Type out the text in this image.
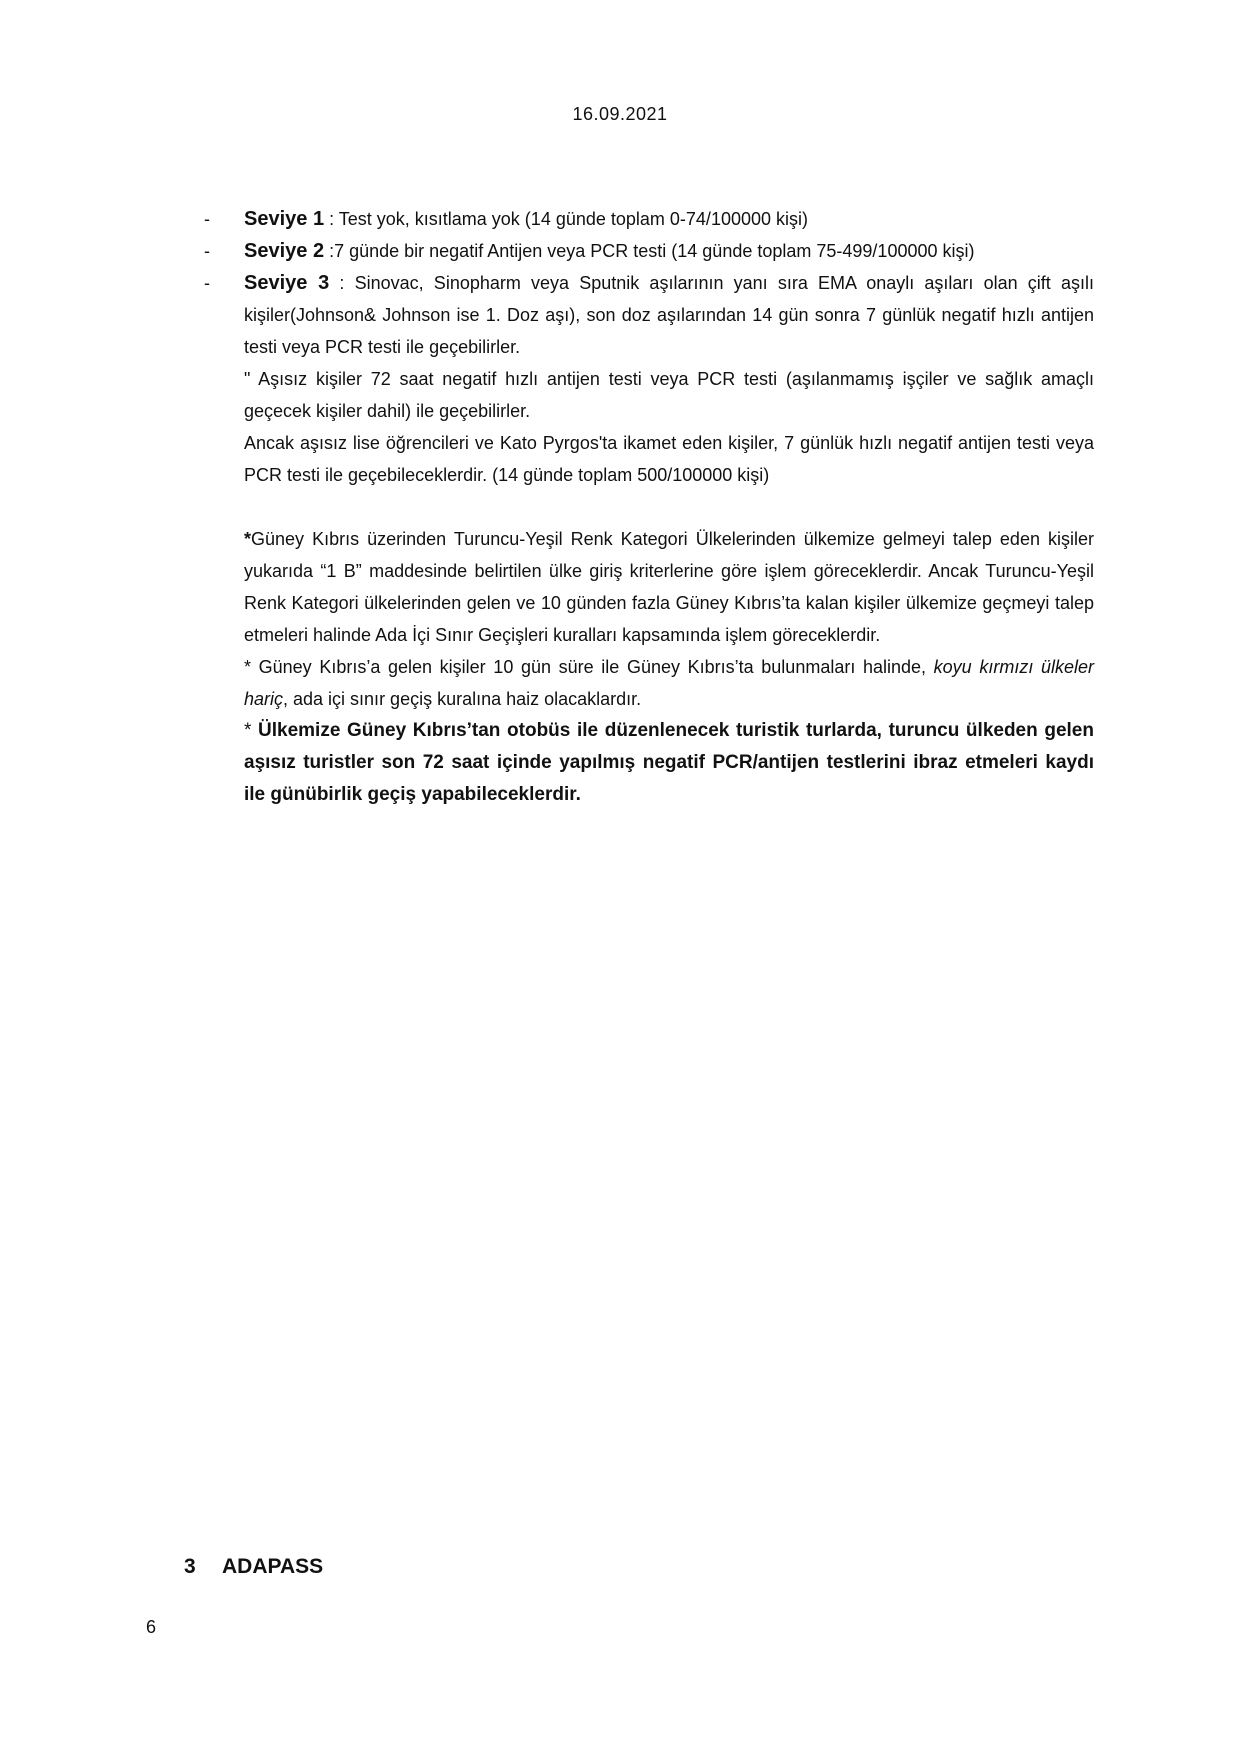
16.09.2021
- Seviye 1 : Test yok, kısıtlama yok (14 günde toplam 0-74/100000 kişi)
- Seviye 2 :7 günde bir negatif Antijen veya PCR testi (14 günde toplam 75-499/100000 kişi)
- Seviye 3 : Sinovac, Sinopharm veya Sputnik aşılarının yanı sıra EMA onaylı aşıları olan çift aşılı kişiler(Johnson& Johnson ise 1. Doz aşı), son doz aşılarından 14 gün sonra 7 günlük negatif hızlı antijen testi veya PCR testi ile geçebilirler.
" Aşısız kişiler 72 saat negatif hızlı antijen testi veya PCR testi (aşılanmamış işçiler ve sağlık amaçlı geçecek kişiler dahil) ile geçebilirler.
Ancak aşısız lise öğrencileri ve Kato Pyrgos'ta ikamet eden kişiler, 7 günlük hızlı negatif antijen testi veya PCR testi ile geçebileceklerdir. (14 günde toplam 500/100000 kişi)
*Güney Kıbrıs üzerinden Turuncu-Yeşil Renk Kategori Ülkelerinden ülkemize gelmeyi talep eden kişiler yukarıda “1 B” maddesinde belirtilen ülke giriş kriterlerine göre işlem göreceklerdir. Ancak Turuncu-Yeşil Renk Kategori ülkelerinden gelen ve 10 günden fazla Güney Kıbrıs’ta kalan kişiler ülkemize geçmeyi talep etmeleri halinde Ada İçi Sınır Geçişleri kuralları kapsamında işlem göreceklerdir.
* Güney Kıbrıs’a gelen kişiler 10 gün süre ile Güney Kıbrıs’ta bulunmaları halinde, koyu kırmızı ülkeler hariç, ada içi sınır geçiş kuralına haiz olacaklardır.
* Ülkemize Güney Kıbrıs’tan otobüs ile düzenlenecek turistik turlarda, turuncu ülkeden gelen aşısız turistler son 72 saat içinde yapılmış negatif PCR/antijen testlerini ibraz etmeleri kaydı ile günübirlik geçiş yapabileceklerdir.
3 ADAPASS
6
